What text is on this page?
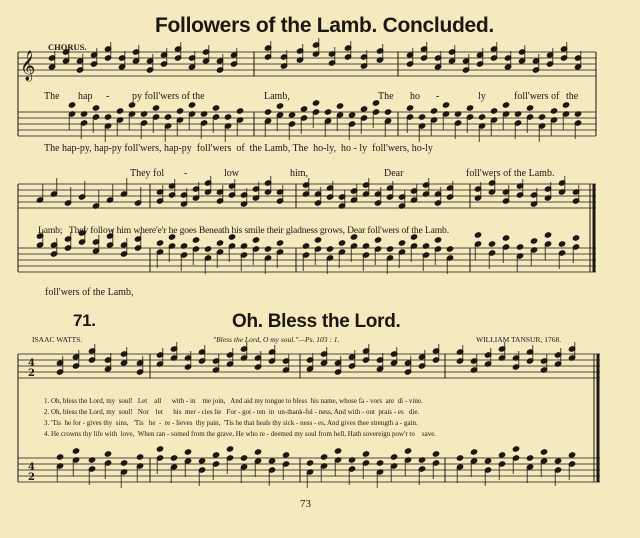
𝄞
4
2
4
2
Followers of the Lamb. Concluded.
CHORUS.
The hap - py foll'wers of the	Lamb,	The ho -	ly	foll'wers of the
The hap-py, hap-py foll'wers, hap-py  foll'wers  of  the Lamb, The  ho-ly,  ho - ly  foll'wers, ho-ly
They fol -	low	him,	Dear	foll'wers of the Lamb.
Lamb;   They follow him where'e'r he goes Beneath his smile their gladness grows, Dear foll'wers of the Lamb.
foll'wers of the Lamb,
71.	Oh. Bless the Lord.
ISAAC WATTS.	"Bless the Lord, O my soul."—Ps. 103 : 1.	WILLIAM TANSUR, 1768.
1. Oh, bless the Lord, my  soul!   Let    all      with - in    me join,   And aid my tongue to bless  his name, whose fa - vors  are  di - vine.
2. Oh, bless the Lord, my  soul!   Nor    let      his  mer - cies lie   For - got - ten  in  un-thank-ful - ness, And with - out  prais - es   die.
3. 'Tis  he for - gives thy  sins,   'Tis   he  -  re - lieves  thy pain,  'Tis he that heals thy sick - ness - es, And gives thee strength a - gain.
4. He crowns thy life with  love,  When ran - somed from the grave, He who re - deemed my soul from hell, Hath sovereign pow'r to    save.
73
